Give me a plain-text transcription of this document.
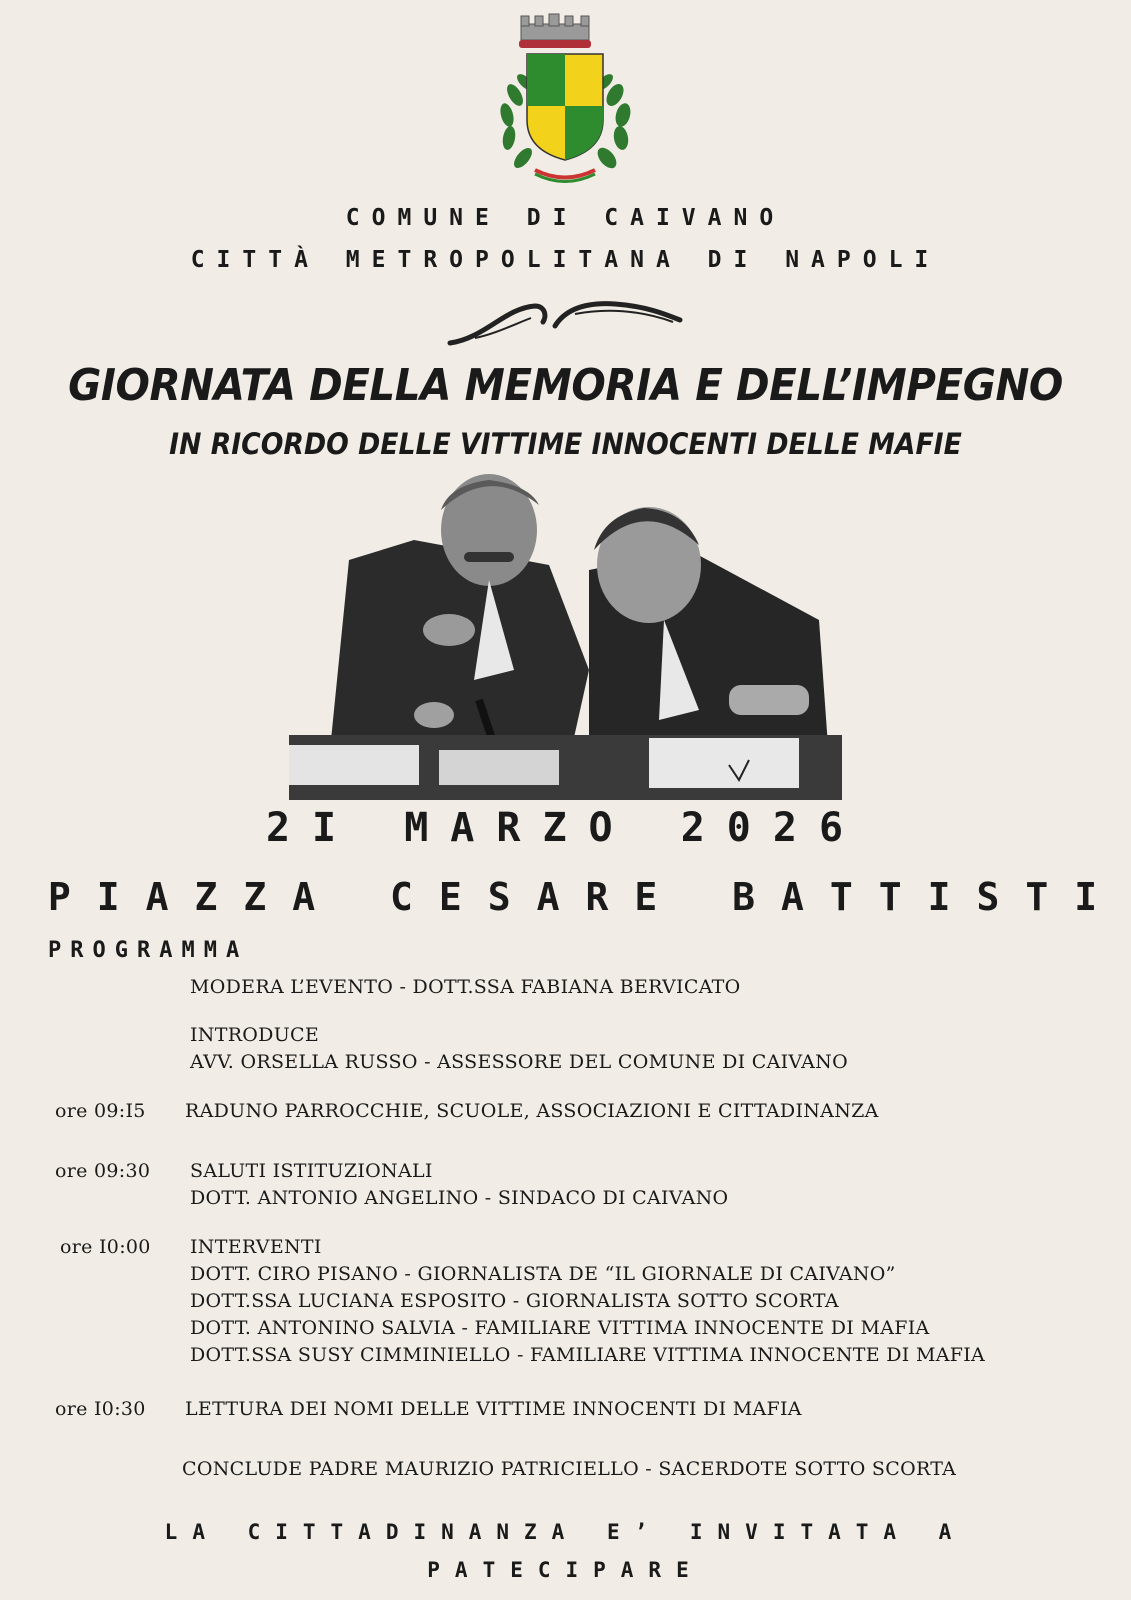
COMUNE DI CAIVANO
CITTÀ METROPOLITANA DI NAPOLI
GIORNATA DELLA MEMORIA E DELL’IMPEGNO
IN RICORDO DELLE VITTIME INNOCENTI DELLE MAFIE
2I MARZO 2026
PIAZZA CESARE BATTISTI
PROGRAMMA
MODERA L’EVENTO - DOTT.SSA FABIANA BERVICATO
INTRODUCE
AVV. ORSELLA RUSSO - ASSESSORE DEL COMUNE DI CAIVANO
ore 09:I5 RADUNO PARROCCHIE, SCUOLE, ASSOCIAZIONI E CITTADINANZA
ore 09:30 SALUTI ISTITUZIONALI
DOTT. ANTONIO ANGELINO - SINDACO DI CAIVANO
ore I0:00 INTERVENTI
DOTT. CIRO PISANO - GIORNALISTA DE “IL GIORNALE DI CAIVANO”
DOTT.SSA LUCIANA ESPOSITO - GIORNALISTA SOTTO SCORTA
DOTT. ANTONINO SALVIA - FAMILIARE VITTIMA INNOCENTE DI MAFIA
DOTT.SSA SUSY CIMMINIELLO - FAMILIARE VITTIMA INNOCENTE DI MAFIA
ore I0:30 LETTURA DEI NOMI DELLE VITTIME INNOCENTI DI MAFIA
CONCLUDE PADRE MAURIZIO PATRICIELLO - SACERDOTE SOTTO SCORTA
LA CITTADINANZA E’ INVITATA A
PATECIPARE
